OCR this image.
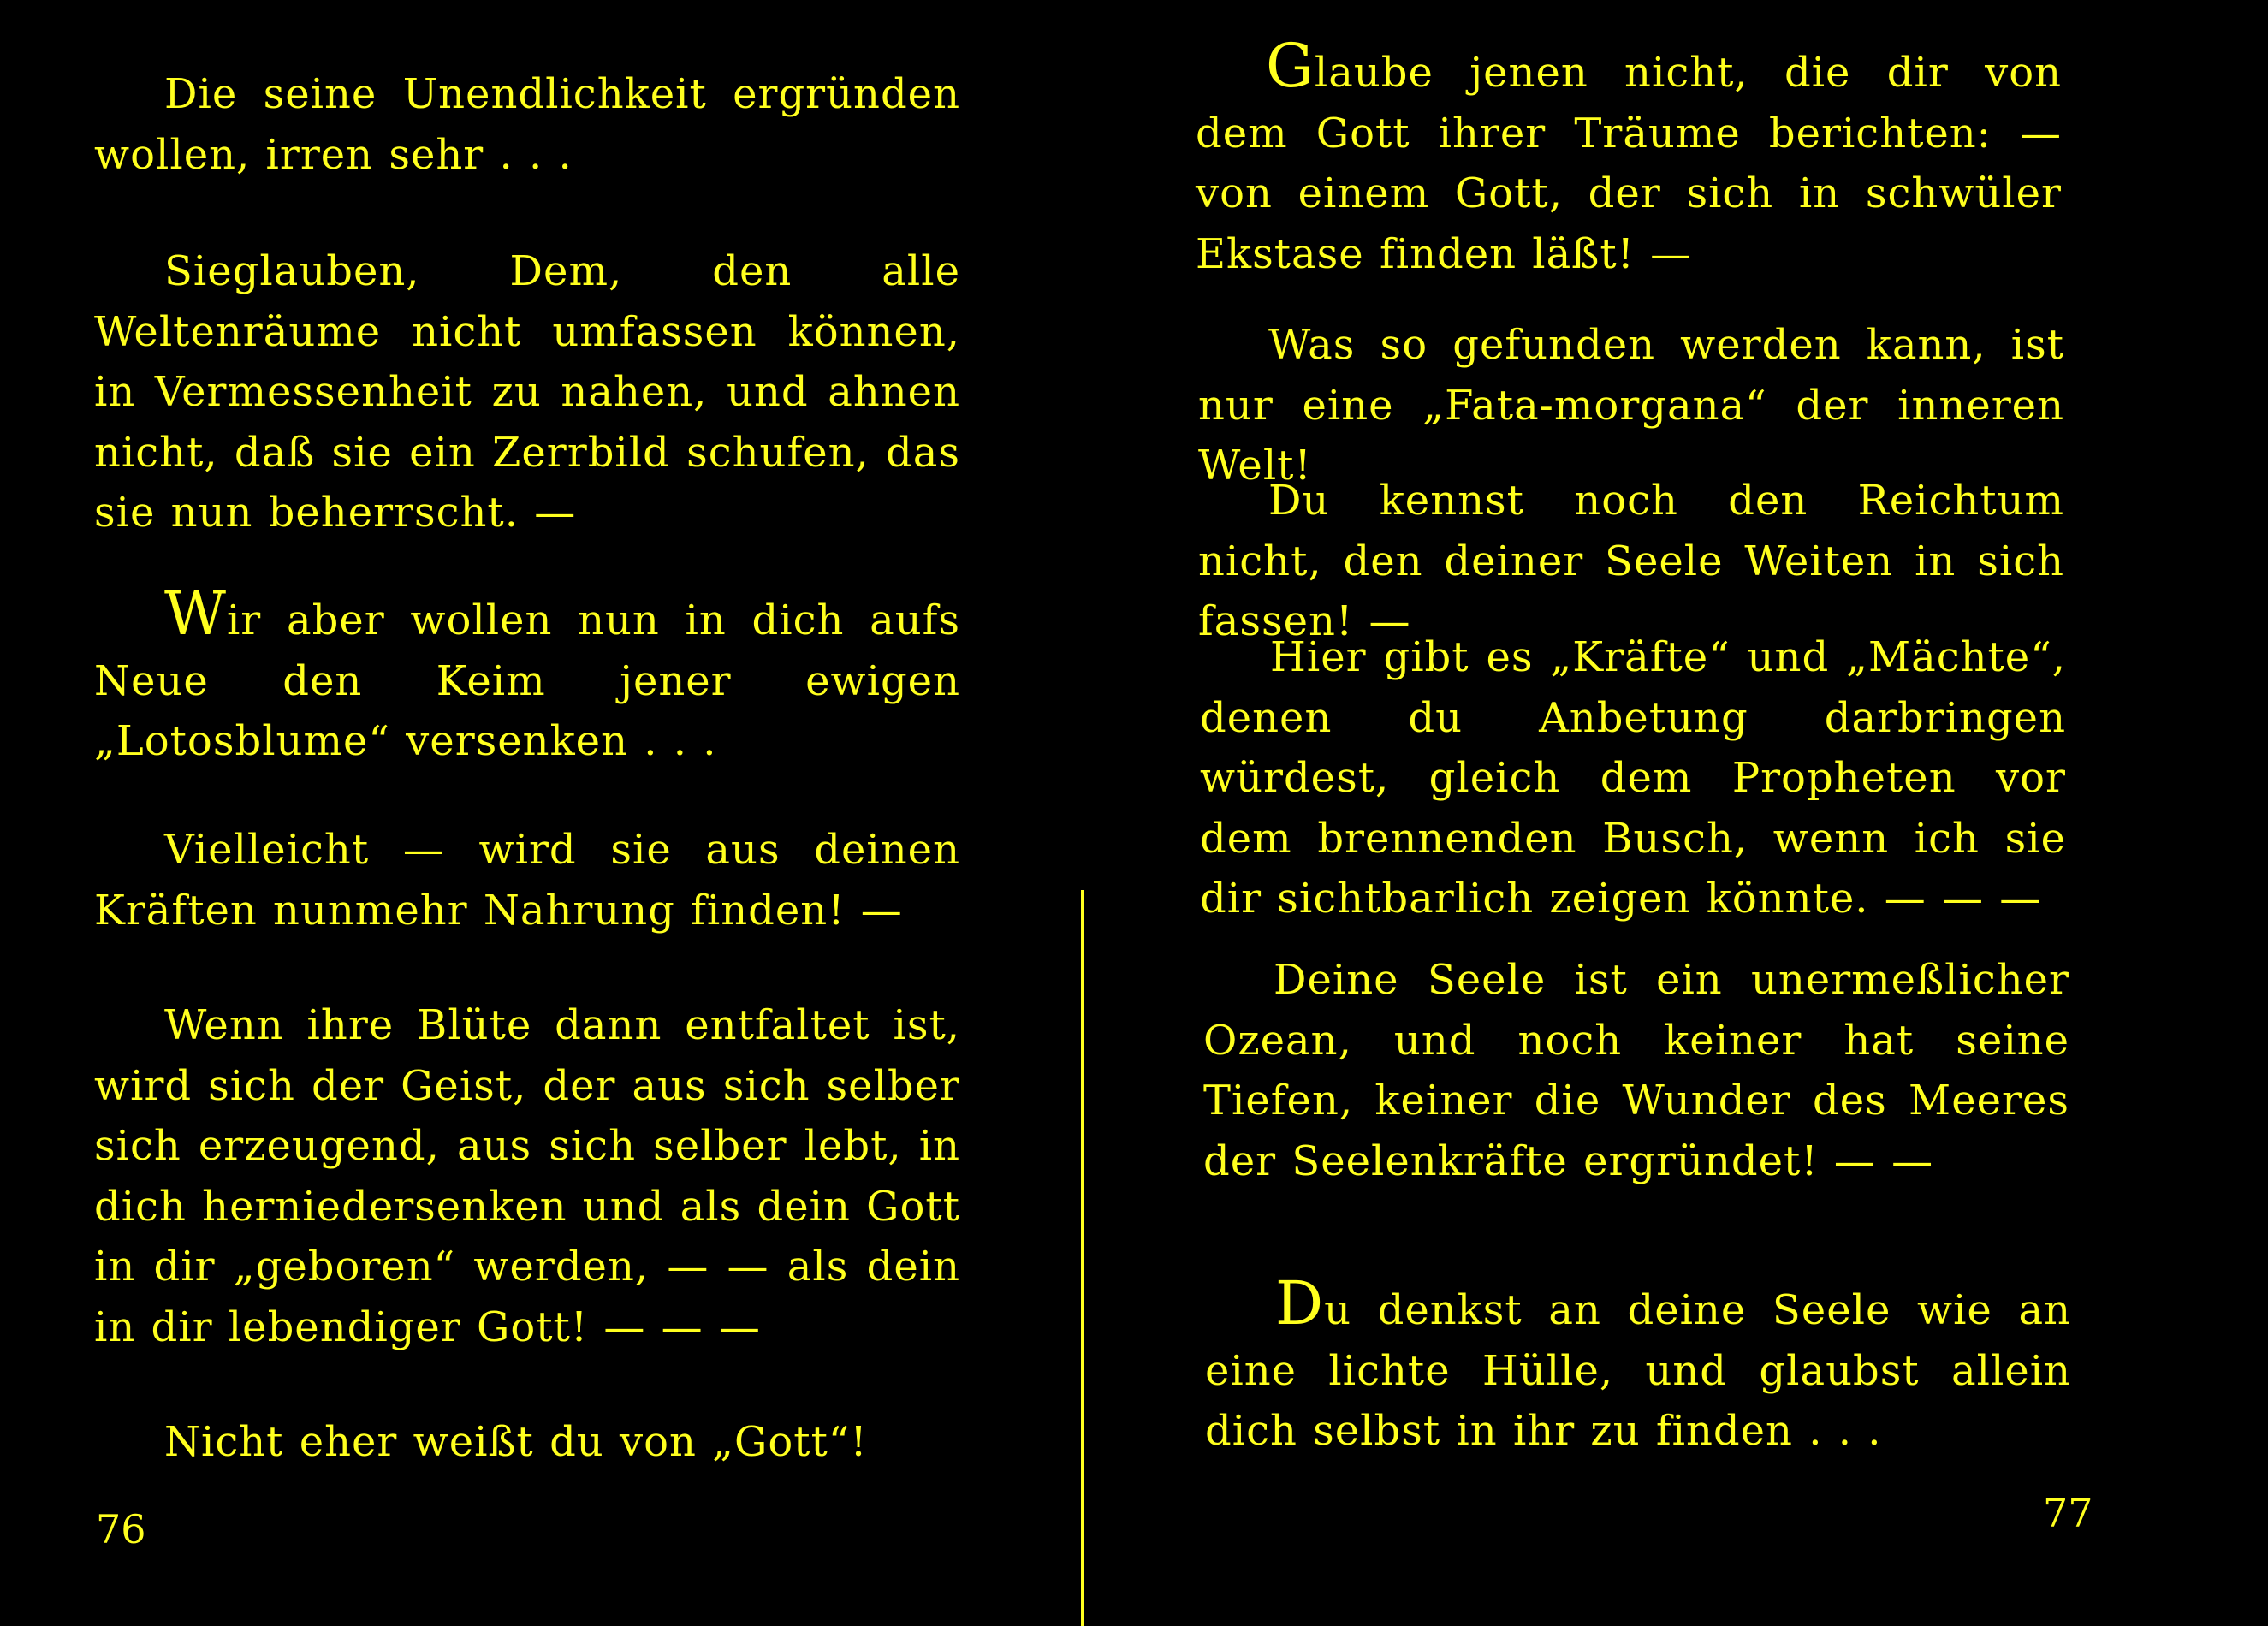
Die seine Unendlichkeit ergründen wollen, irren sehr . . .

Sieglauben, Dem, den alle Weltenräume nicht umfassen können, in Vermessenheit zu nahen, und ahnen nicht, daß sie ein Zerrbild schufen, das sie nun beherrscht. —

Wir aber wollen nun in dich aufs Neue den Keim jener ewigen „Lotosblume“ versenken . . .

Vielleicht — wird sie aus deinen Kräften nunmehr Nahrung finden! —

Wenn ihre Blüte dann entfaltet ist, wird sich der Geist, der aus sich selber sich erzeugend, aus sich selber lebt, in dich herniedersenken und als dein Gott in dir „geboren“ werden, — — als dein in dir lebendiger Gott! — — —

Nicht eher weißt du von „Gott“!

76

Glaube jenen nicht, die dir von dem Gott ihrer Träume berichten: — von einem Gott, der sich in schwüler Ekstase finden läßt! —

Was so gefunden werden kann, ist nur eine „Fata-morgana“ der inneren Welt!

Du kennst noch den Reichtum nicht, den deiner Seele Weiten in sich fassen! —

Hier gibt es „Kräfte“ und „Mächte“, denen du Anbetung darbringen würdest, gleich dem Propheten vor dem brennenden Busch, wenn ich sie dir sichtbarlich zeigen könnte. — — —

Deine Seele ist ein unermeßlicher Ozean, und noch keiner hat seine Tiefen, keiner die Wunder des Meeres der Seelenkräfte ergründet! — —

Du denkst an deine Seele wie an eine lichte Hülle, und glaubst allein dich selbst in ihr zu finden . . .

77
